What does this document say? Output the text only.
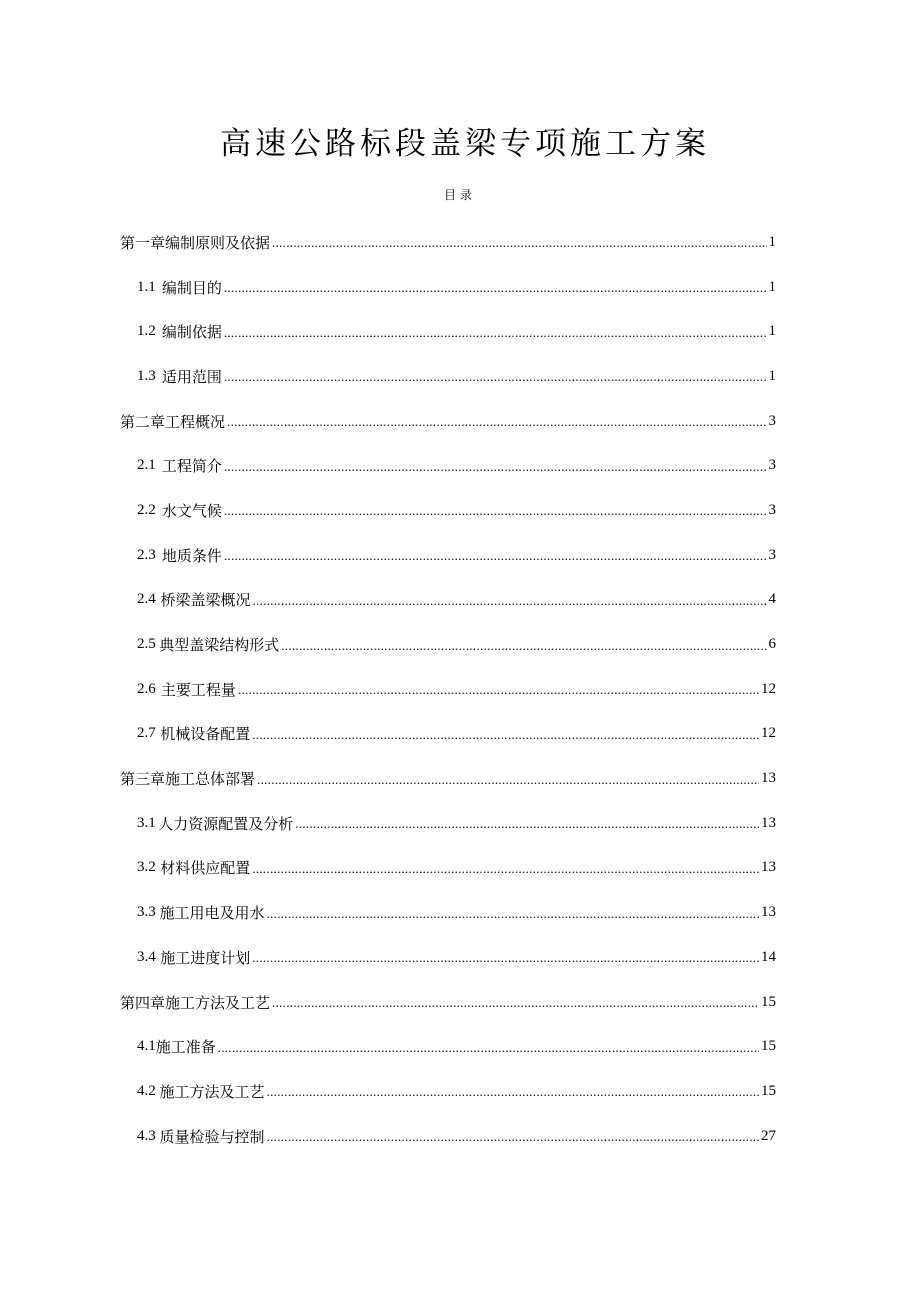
高速公路标段盖梁专项施工方案
目录
第一章编制原则及依据 .....	1
1.1 编制目的 .....	1
1.2 编制依据 .....	1
1.3 适用范围 .....	1
第二章工程概况 .....	3
2.1 工程简介 .....	3
2.2 水文气候 .....	3
2.3 地质条件 .....	3
2.4 桥梁盖梁概况 .....	4
2.5 典型盖梁结构形式 .....	6
2.6 主要工程量 .....	12
2.7 机械设备配置 .....	12
第三章施工总体部署 .....	13
3.1 人力资源配置及分析 .....	13
3.2 材料供应配置 .....	13
3.3 施工用电及用水 .....	13
3.4 施工进度计划 .....	14
第四章施工方法及工艺 .....	15
4.1 施工准备 .....	15
4.2 施工方法及工艺 .....	15
4.3 质量检验与控制 .....	27
